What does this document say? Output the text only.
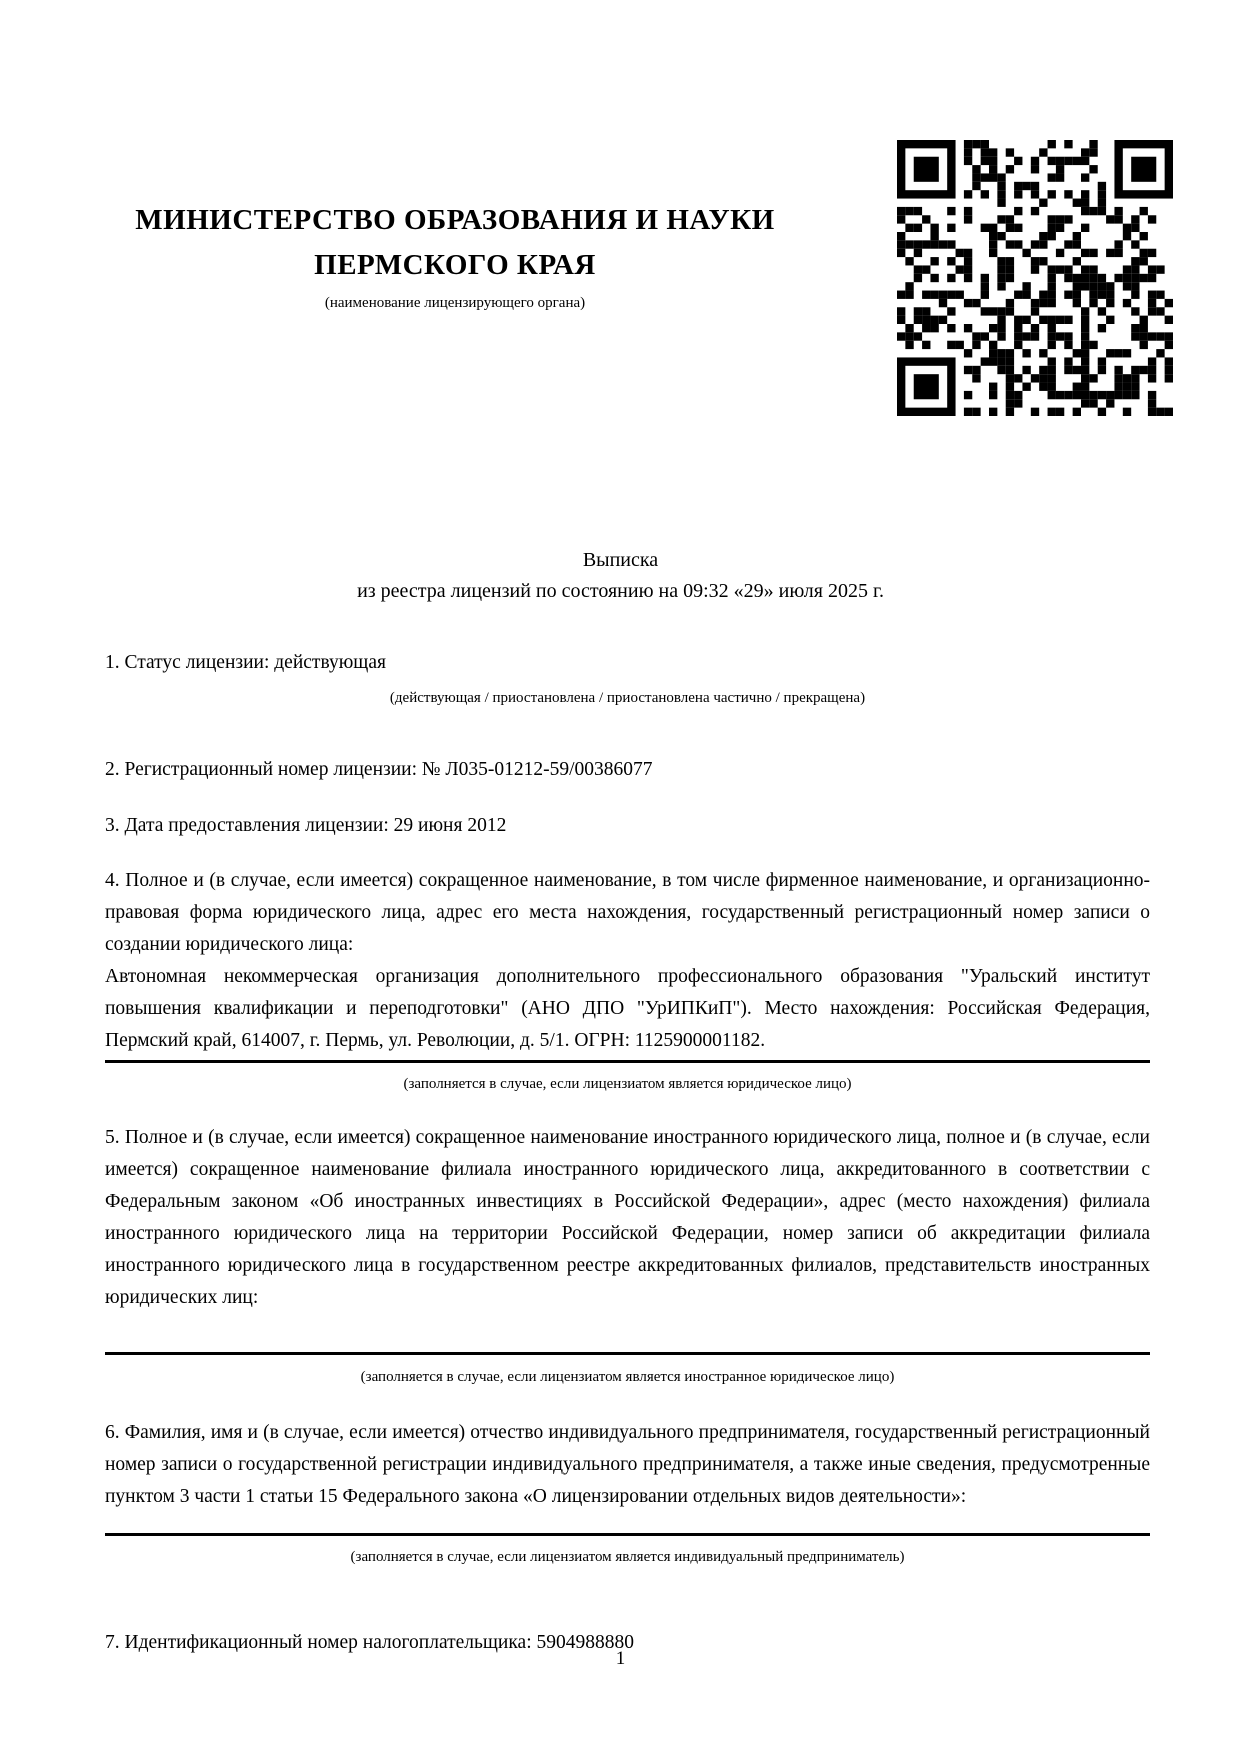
МИНИСТЕРСТВО ОБРАЗОВАНИЯ И НАУКИ
ПЕРМСКОГО КРАЯ
(наименование лицензирующего органа)
Выписка
из реестра лицензий по состоянию на 09:32 «29» июля 2025 г.
1. Статус лицензии: действующая
(действующая / приостановлена / приостановлена частично / прекращена)
2. Регистрационный номер лицензии: № Л035-01212-59/00386077
3. Дата предоставления лицензии: 29 июня 2012
4. Полное и (в случае, если имеется) сокращенное наименование, в том числе фирменное наименование, и организационно-правовая форма юридического лица, адрес его места нахождения, государственный регистрационный номер записи о создании юридического лица:
Автономная некоммерческая организация дополнительного профессионального образования "Уральский институт повышения квалификации и переподготовки" (АНО ДПО "УрИПКиП"). Место нахождения: Российская Федерация, Пермский край, 614007, г. Пермь, ул. Революции, д. 5/1. ОГРН: 1125900001182.
(заполняется в случае, если лицензиатом является юридическое лицо)
5. Полное и (в случае, если имеется) сокращенное наименование иностранного юридического лица, полное и (в случае, если имеется) сокращенное наименование филиала иностранного юридического лица, аккредитованного в соответствии с Федеральным законом «Об иностранных инвестициях в Российской Федерации», адрес (место нахождения) филиала иностранного юридического лица на территории Российской Федерации, номер записи об аккредитации филиала иностранного юридического лица в государственном реестре аккредитованных филиалов, представительств иностранных юридических лиц:
(заполняется в случае, если лицензиатом является иностранное юридическое лицо)
6. Фамилия, имя и (в случае, если имеется) отчество индивидуального предпринимателя, государственный регистрационный номер записи о государственной регистрации индивидуального предпринимателя, а также иные сведения, предусмотренные пунктом 3 части 1 статьи 15 Федерального закона «О лицензировании отдельных видов деятельности»:
(заполняется в случае, если лицензиатом является индивидуальный предприниматель)
7. Идентификационный номер налогоплательщика: 5904988880
1
